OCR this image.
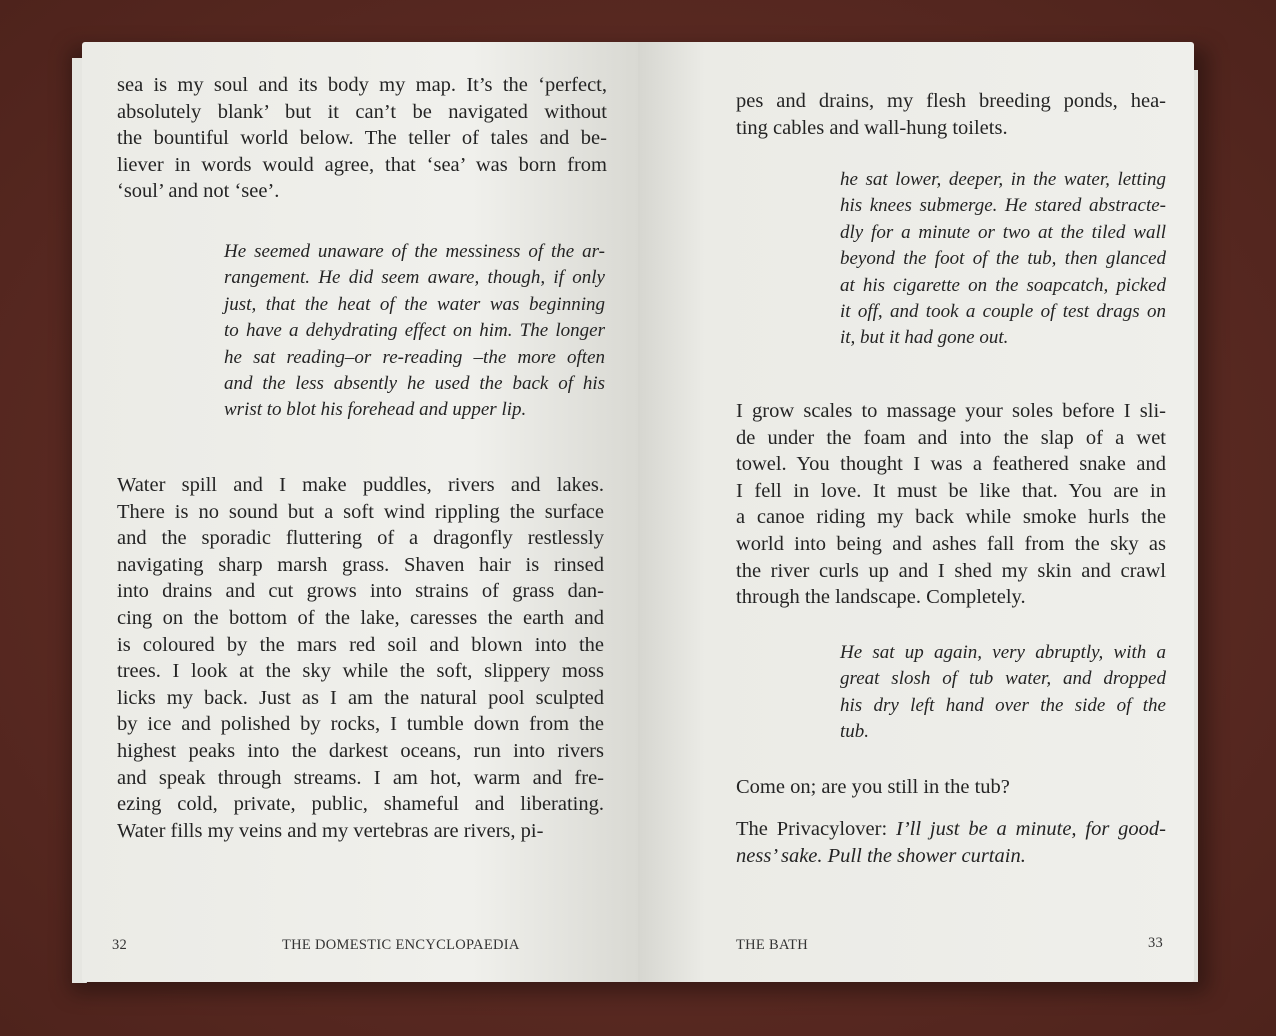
sea is my soul and its body my map. It’s the ‘perfect,
absolutely blank’ but it can’t be navigated without
the bountiful world below. The teller of tales and be-
liever in words would agree, that ‘sea’ was born from
‘soul’ and not ‘see’.
He seemed unaware of the messiness of the ar-
rangement. He did seem aware, though, if only
just, that the heat of the water was beginning
to have a dehydrating effect on him. The longer
he sat reading–or re-reading –the more often
and the less absently he used the back of his
wrist to blot his forehead and upper lip.
Water spill and I make puddles, rivers and lakes.
There is no sound but a soft wind rippling the surface
and the sporadic fluttering of a dragonfly restlessly
navigating sharp marsh grass. Shaven hair is rinsed
into drains and cut grows into strains of grass dan-
cing on the bottom of the lake, caresses the earth and
is coloured by the mars red soil and blown into the
trees. I look at the sky while the soft, slippery moss
licks my back. Just as I am the natural pool sculpted
by ice and polished by rocks, I tumble down from the
highest peaks into the darkest oceans, run into rivers
and speak through streams. I am hot, warm and fre-
ezing cold, private, public, shameful and liberating.
Water fills my veins and my vertebras are rivers, pi-
32	THE DOMESTIC ENCYCLOPAEDIA
pes and drains, my flesh breeding ponds, hea-
ting cables and wall-hung toilets.
he sat lower, deeper, in the water, letting
his knees submerge. He stared abstracte-
dly for a minute or two at the tiled wall
beyond the foot of the tub, then glanced
at his cigarette on the soapcatch, picked
it off, and took a couple of test drags on
it, but it had gone out.
I grow scales to massage your soles before I sli-
de under the foam and into the slap of a wet
towel. You thought I was a feathered snake and
I fell in love. It must be like that. You are in
a canoe riding my back while smoke hurls the
world into being and ashes fall from the sky as
the river curls up and I shed my skin and crawl
through the landscape. Completely.
He sat up again, very abruptly, with a
great slosh of tub water, and dropped
his dry left hand over the side of the
tub.
Come on; are you still in the tub?
The Privacylover: I’ll just be a minute, for good-
ness’ sake. Pull the shower curtain.
THE BATH	33
